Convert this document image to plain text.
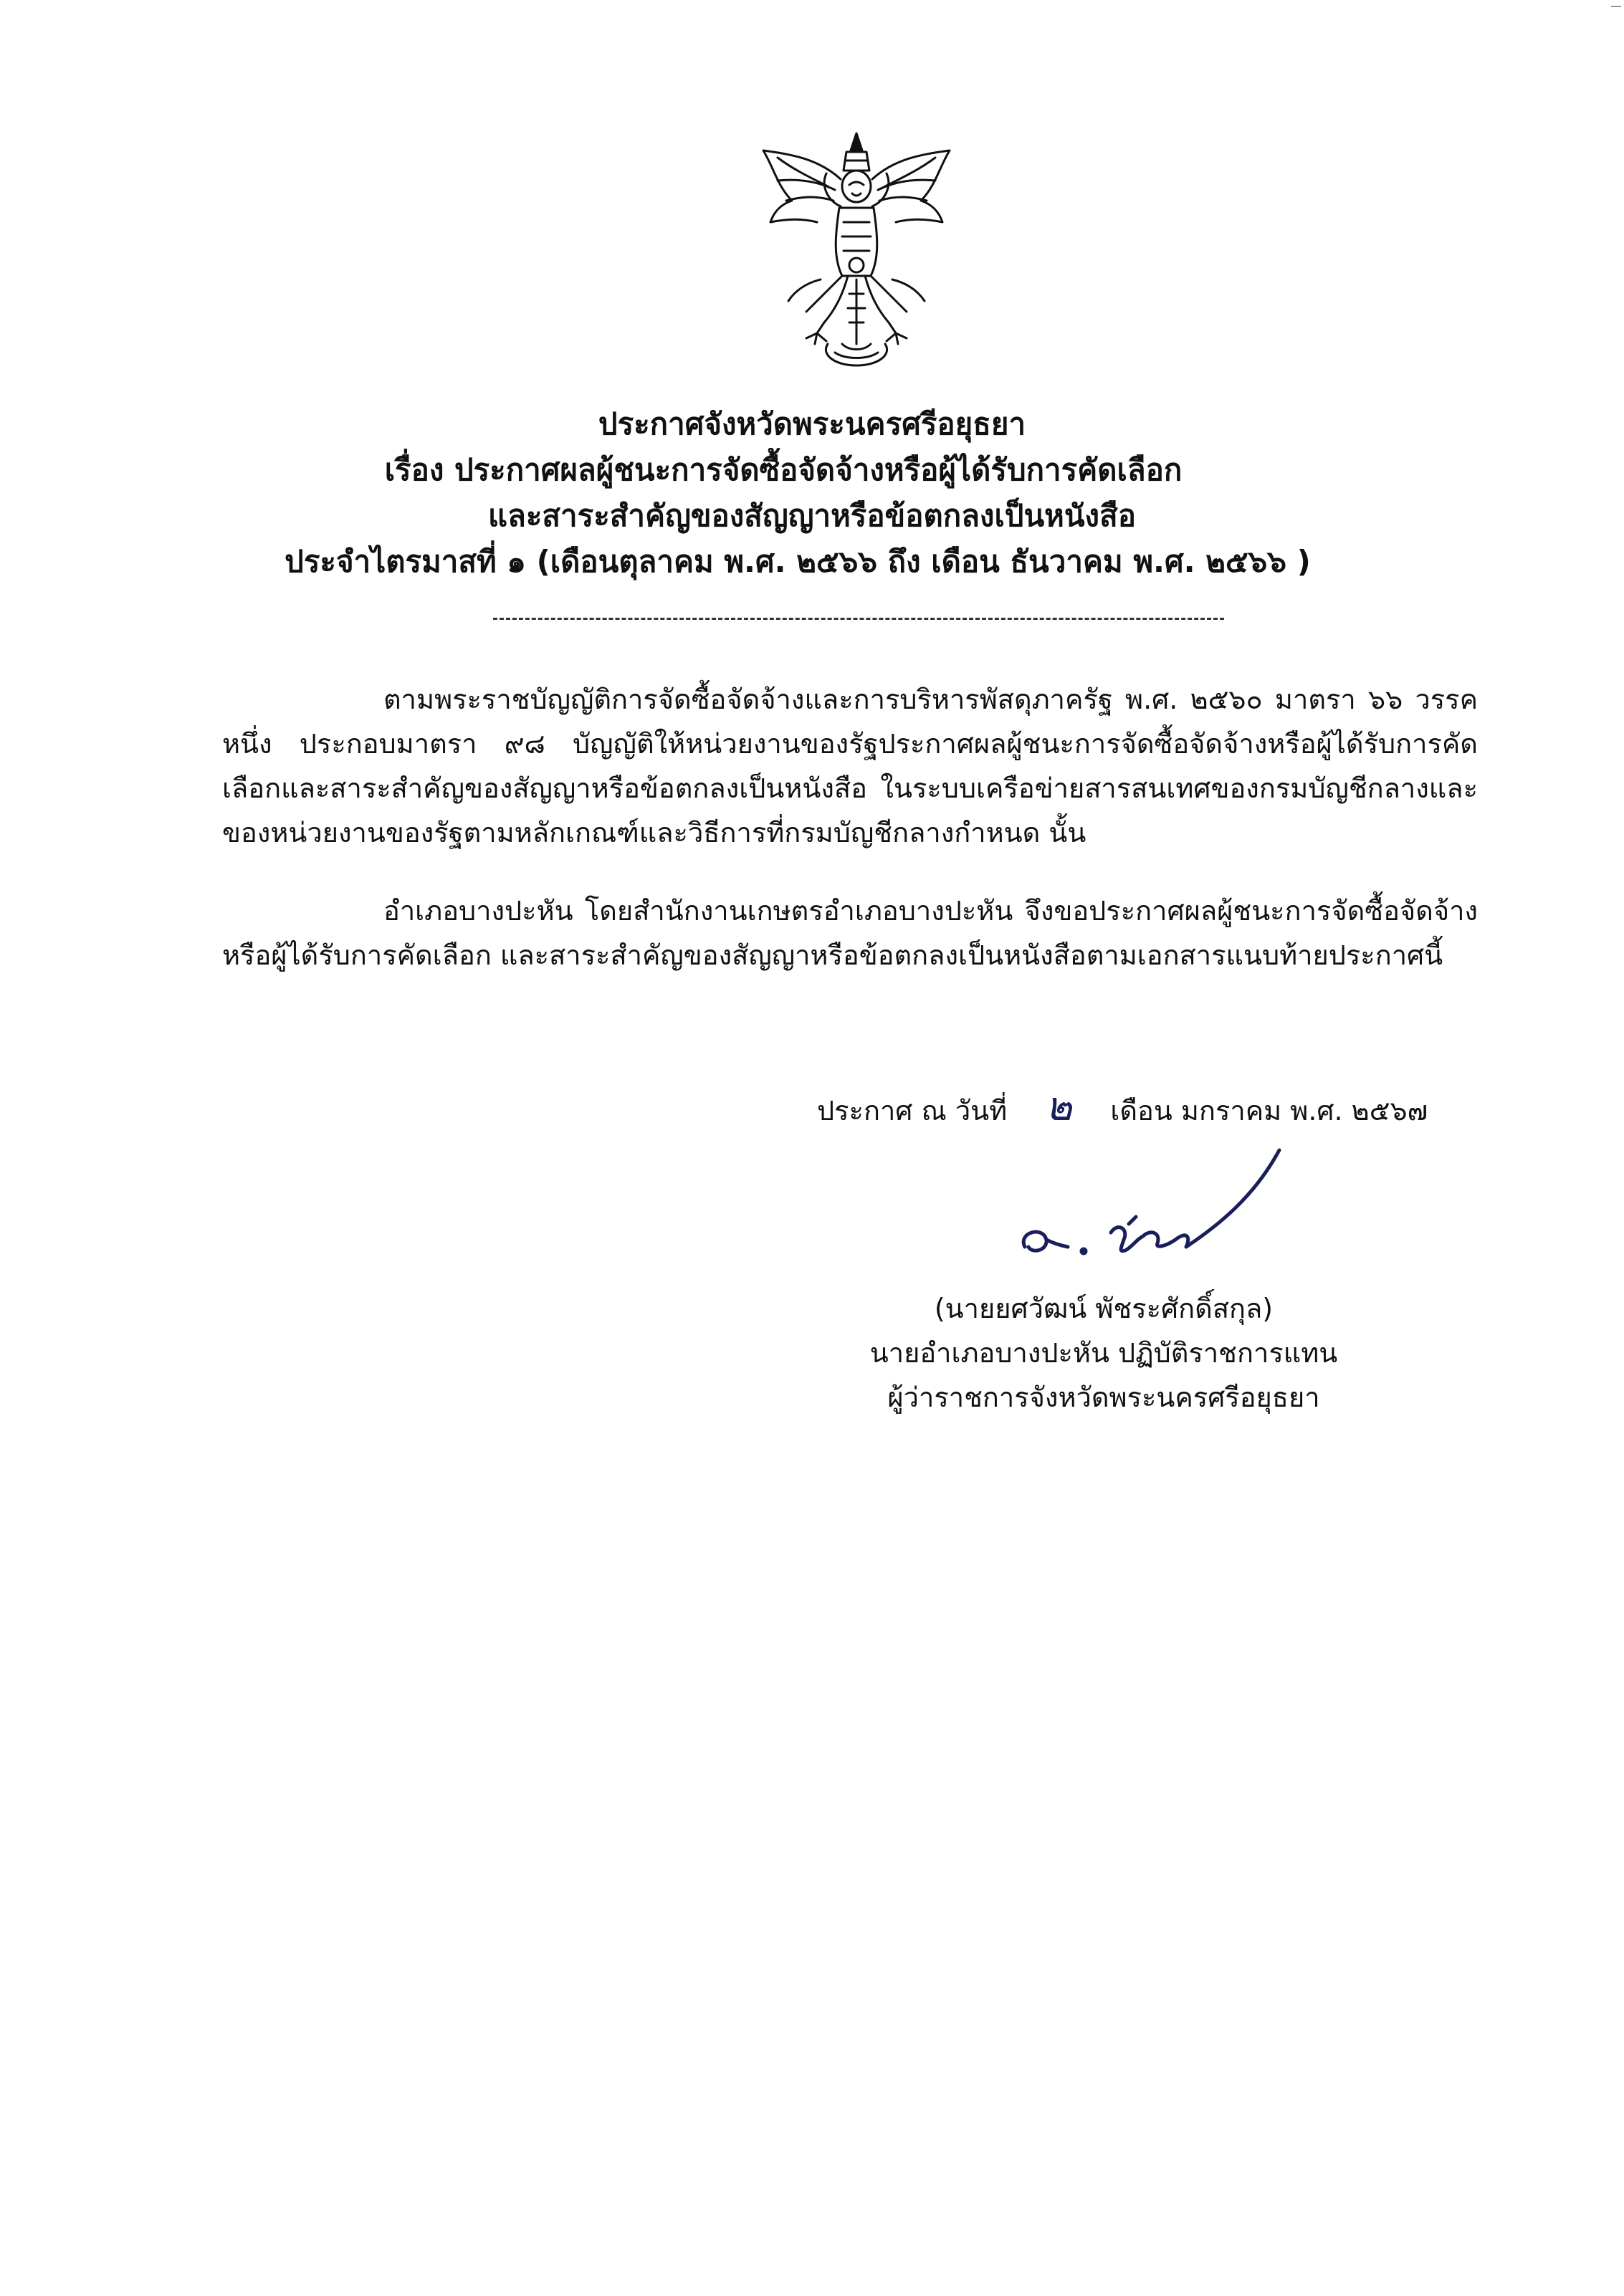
ประกาศจังหวัดพระนครศรีอยุธยา
เรื่อง ประกาศผลผู้ชนะการจัดซื้อจัดจ้างหรือผู้ได้รับการคัดเลือก
และสาระสำคัญของสัญญาหรือข้อตกลงเป็นหนังสือ
ประจำไตรมาสที่ ๑ (เดือนตุลาคม พ.ศ. ๒๕๖๖ ถึง เดือน ธันวาคม พ.ศ. ๒๕๖๖ )
ตามพระราชบัญญัติการจัดซื้อจัดจ้างและการบริหารพัสดุภาครัฐ พ.ศ. ๒๕๖๐ มาตรา ๖๖ วรรคหนึ่ง ประกอบมาตรา ๙๘ บัญญัติให้หน่วยงานของรัฐประกาศผลผู้ชนะการจัดซื้อจัดจ้างหรือผู้ได้รับการคัดเลือกและสาระสำคัญของสัญญาหรือข้อตกลงเป็นหนังสือ ในระบบเครือข่ายสารสนเทศของกรมบัญชีกลางและของหน่วยงานของรัฐตามหลักเกณฑ์และวิธีการที่กรมบัญชีกลางกำหนด นั้น
อำเภอบางปะหัน โดยสำนักงานเกษตรอำเภอบางปะหัน จึงขอประกาศผลผู้ชนะการจัดซื้อจัดจ้างหรือผู้ได้รับการคัดเลือก และสาระสำคัญของสัญญาหรือข้อตกลงเป็นหนังสือตามเอกสารแนบท้ายประกาศนี้
ประกาศ ณ วันที่ ๒ เดือน มกราคม พ.ศ. ๒๕๖๗
(นายยศวัฒน์ พัชระศักดิ์สกุล)
นายอำเภอบางปะหัน ปฏิบัติราชการแทน
ผู้ว่าราชการจังหวัดพระนครศรีอยุธยา
